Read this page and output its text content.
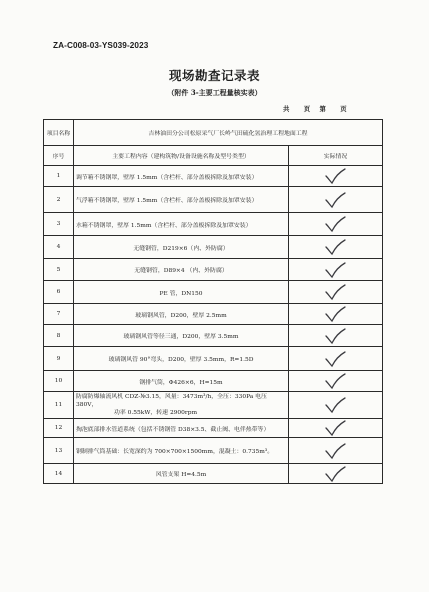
ZA-C008-03-YS039-2023
现场勘查记录表
（附件 3-主要工程量核实表）
共 页 第 页
项目名称	吉林油田分公司松原采气厂长岭气田硫化氢治理工程地面工程	
序号	主要工程内容（建构筑物/设备设施名称及型号类型）	实际情况
1	调节箱不锈钢罩，壁厚 1.5mm（含栏杆、部分盖板拆除及加罩安装）

2	气浮箱不锈钢罩，壁厚 1.5mm（含栏杆、部分盖板拆除及加罩安装）

3	水箱不锈钢罩，壁厚 1.5mm（含栏杆、部分盖板拆除及加罩安装）

4	无缝钢管，D219×6（内、外防腐）

5	无缝钢管，D89×4 （内、外防腐）

6	PE 管，DN150

7	玻璃钢风管，D200，壁厚 2.5mm

8	玻璃钢风管等径三通，D200，壁厚 3.5mm

9	玻璃钢风管 90°弯头，D200，壁厚 3.5mm，R=1.5D

10	钢排气筒，Φ426×6，H=15m

11	防腐防爆轴流风机 CDZ-№3.15，风量：3473m³/h，全压：330Pa 电压 380V，
功率 0.55kW，转速 2900rpm

12	掏泡底部排水管道系统（包括不锈钢管 D38×3.5、截止阀、电伴热带等）

13	钢制排气筒基础：长宽深约为 700×700×1500mm，混凝土：0.735m³。

14	风管支架 H=4.5m
